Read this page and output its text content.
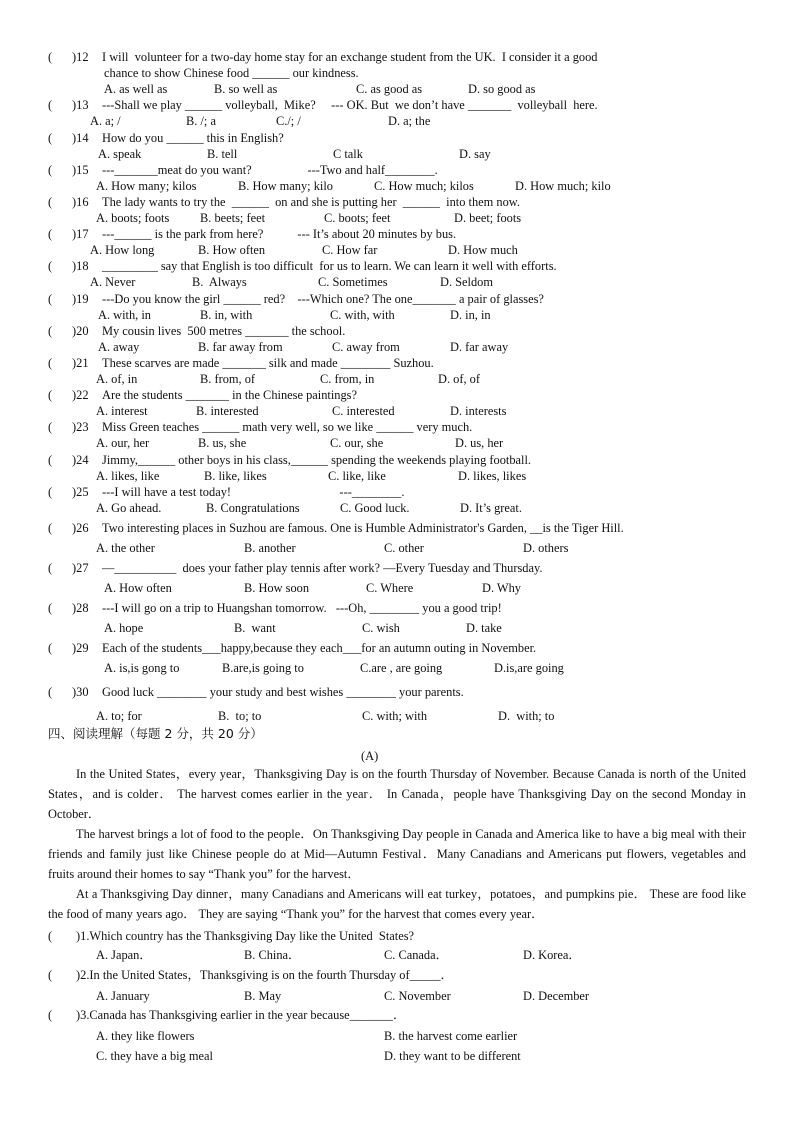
( )12 I will  volunteer for a two-day home stay for an exchange student from the UK.  I consider it a good
chance to show Chinese food ______ our kindness.
A. as well as	B. so well as	C. as good as	D. so good as
( )13 ---Shall we play ______ volleyball,  Mike?     --- OK. But  we don’t have _______  volleyball  here.
A. a; /	B. /; a	C./; /	D. a; the
( )14 How do you ______ this in English?
A. speak	B. tell	C talk	D. say
( )15 ---_______meat do you want?                  ---Two and half________.
A. How many; kilos	B. How many; kilo	C. How much; kilos	D. How much; kilo
( )16 The lady wants to try the  ______  on and she is putting her  ______  into them now.
A. boots; foots B. beets; feet	C. boots; feet	D. beet; foots
( )17 ---______ is the park from here?           --- It’s about 20 minutes by bus.
A. How long	B. How often	C. How far	D. How much
( )18 _________ say that English is too difficult  for us to learn. We can learn it well with efforts.
A. Never	B.  Always	C. Sometimes	D. Seldom
( )19 ---Do you know the girl ______ red?    ---Which one? The one_______ a pair of glasses?
A. with, in	B. in, with	C. with, with	D. in, in
( )20 My cousin lives  500 metres _______ the school.
A. away	B. far away from	C. away from	D. far away
( )21 These scarves are made _______ silk and made ________ Suzhou.
A. of, in	B. from, of	C. from, in	D. of, of
( )22 Are the students _______ in the Chinese paintings?
A. interest	B. interested	C. interested	D. interests
( )23 Miss Green teaches ______ math very well, so we like ______ very much.
A. our, her	B. us, she	C. our, she	D. us, her
( )24 Jimmy,______ other boys in his class,______ spending the weekends playing football.
A. likes, like	B. like, likes	C. like, like	D. likes, likes
( )25 ---I will have a test today!                                   ---________.
A. Go ahead.	B. Congratulations	C. Good luck.	D. It’s great.
( )26 Two interesting places in Suzhou are famous. One is Humble Administrator's Garden, __is the Tiger Hill.
A. the other	B. another	C. other	D. others
( )27 —__________  does your father play tennis after work? —Every Tuesday and Thursday.
A. How often	B. How soon	C. Where	D. Why
( )28 ---I will go on a trip to Huangshan tomorrow.   ---Oh, ________ you a good trip!
A. hope	B.  want	C. wish	D. take
( )29 Each of the students___happy,because they each___for an autumn outing in November.
A. is,is gong to	B.are,is going to	C.are , are going	D.is,are going
( )30 Good luck ________ your study and best wishes ________ your parents.
A. to; for	B.  to; to	C. with; with	D.  with; to
四、阅读理解（每题 2 分，共 20 分）
(A)
In the United States，every year，Thanksgiving Day is on the fourth Thursday of November. Because Canada is north of the United States，and is colder． The harvest comes earlier in the year． In Canada，people have Thanksgiving Day on the second Monday in October．
The harvest brings a lot of food to the people．On Thanksgiving Day people in Canada and America like to have a big meal with their friends and family just like Chinese people do at Mid—Autumn Festival．Many Canadians and Americans put flowers, vegetables and fruits around their homes to say “Thank you” for the harvest．
At a Thanksgiving Day dinner，many Canadians and Americans will eat turkey，potatoes，and pumpkins pie． These are food like the food of many years ago． They are saying “Thank you” for the harvest that comes every year．
( )1.Which country has the Thanksgiving Day like the United  States?
A. Japan．	B. China．	C. Canada．	D. Korea．
( )2.In the United States，Thanksgiving is on the fourth Thursday of_____．
A. January	B. May	C. November	D. December
( )3.Canada has Thanksgiving earlier in the year because_______．
A. they like flowers	B. the harvest come earlier
C. they have a big meal	D. they want to be different
